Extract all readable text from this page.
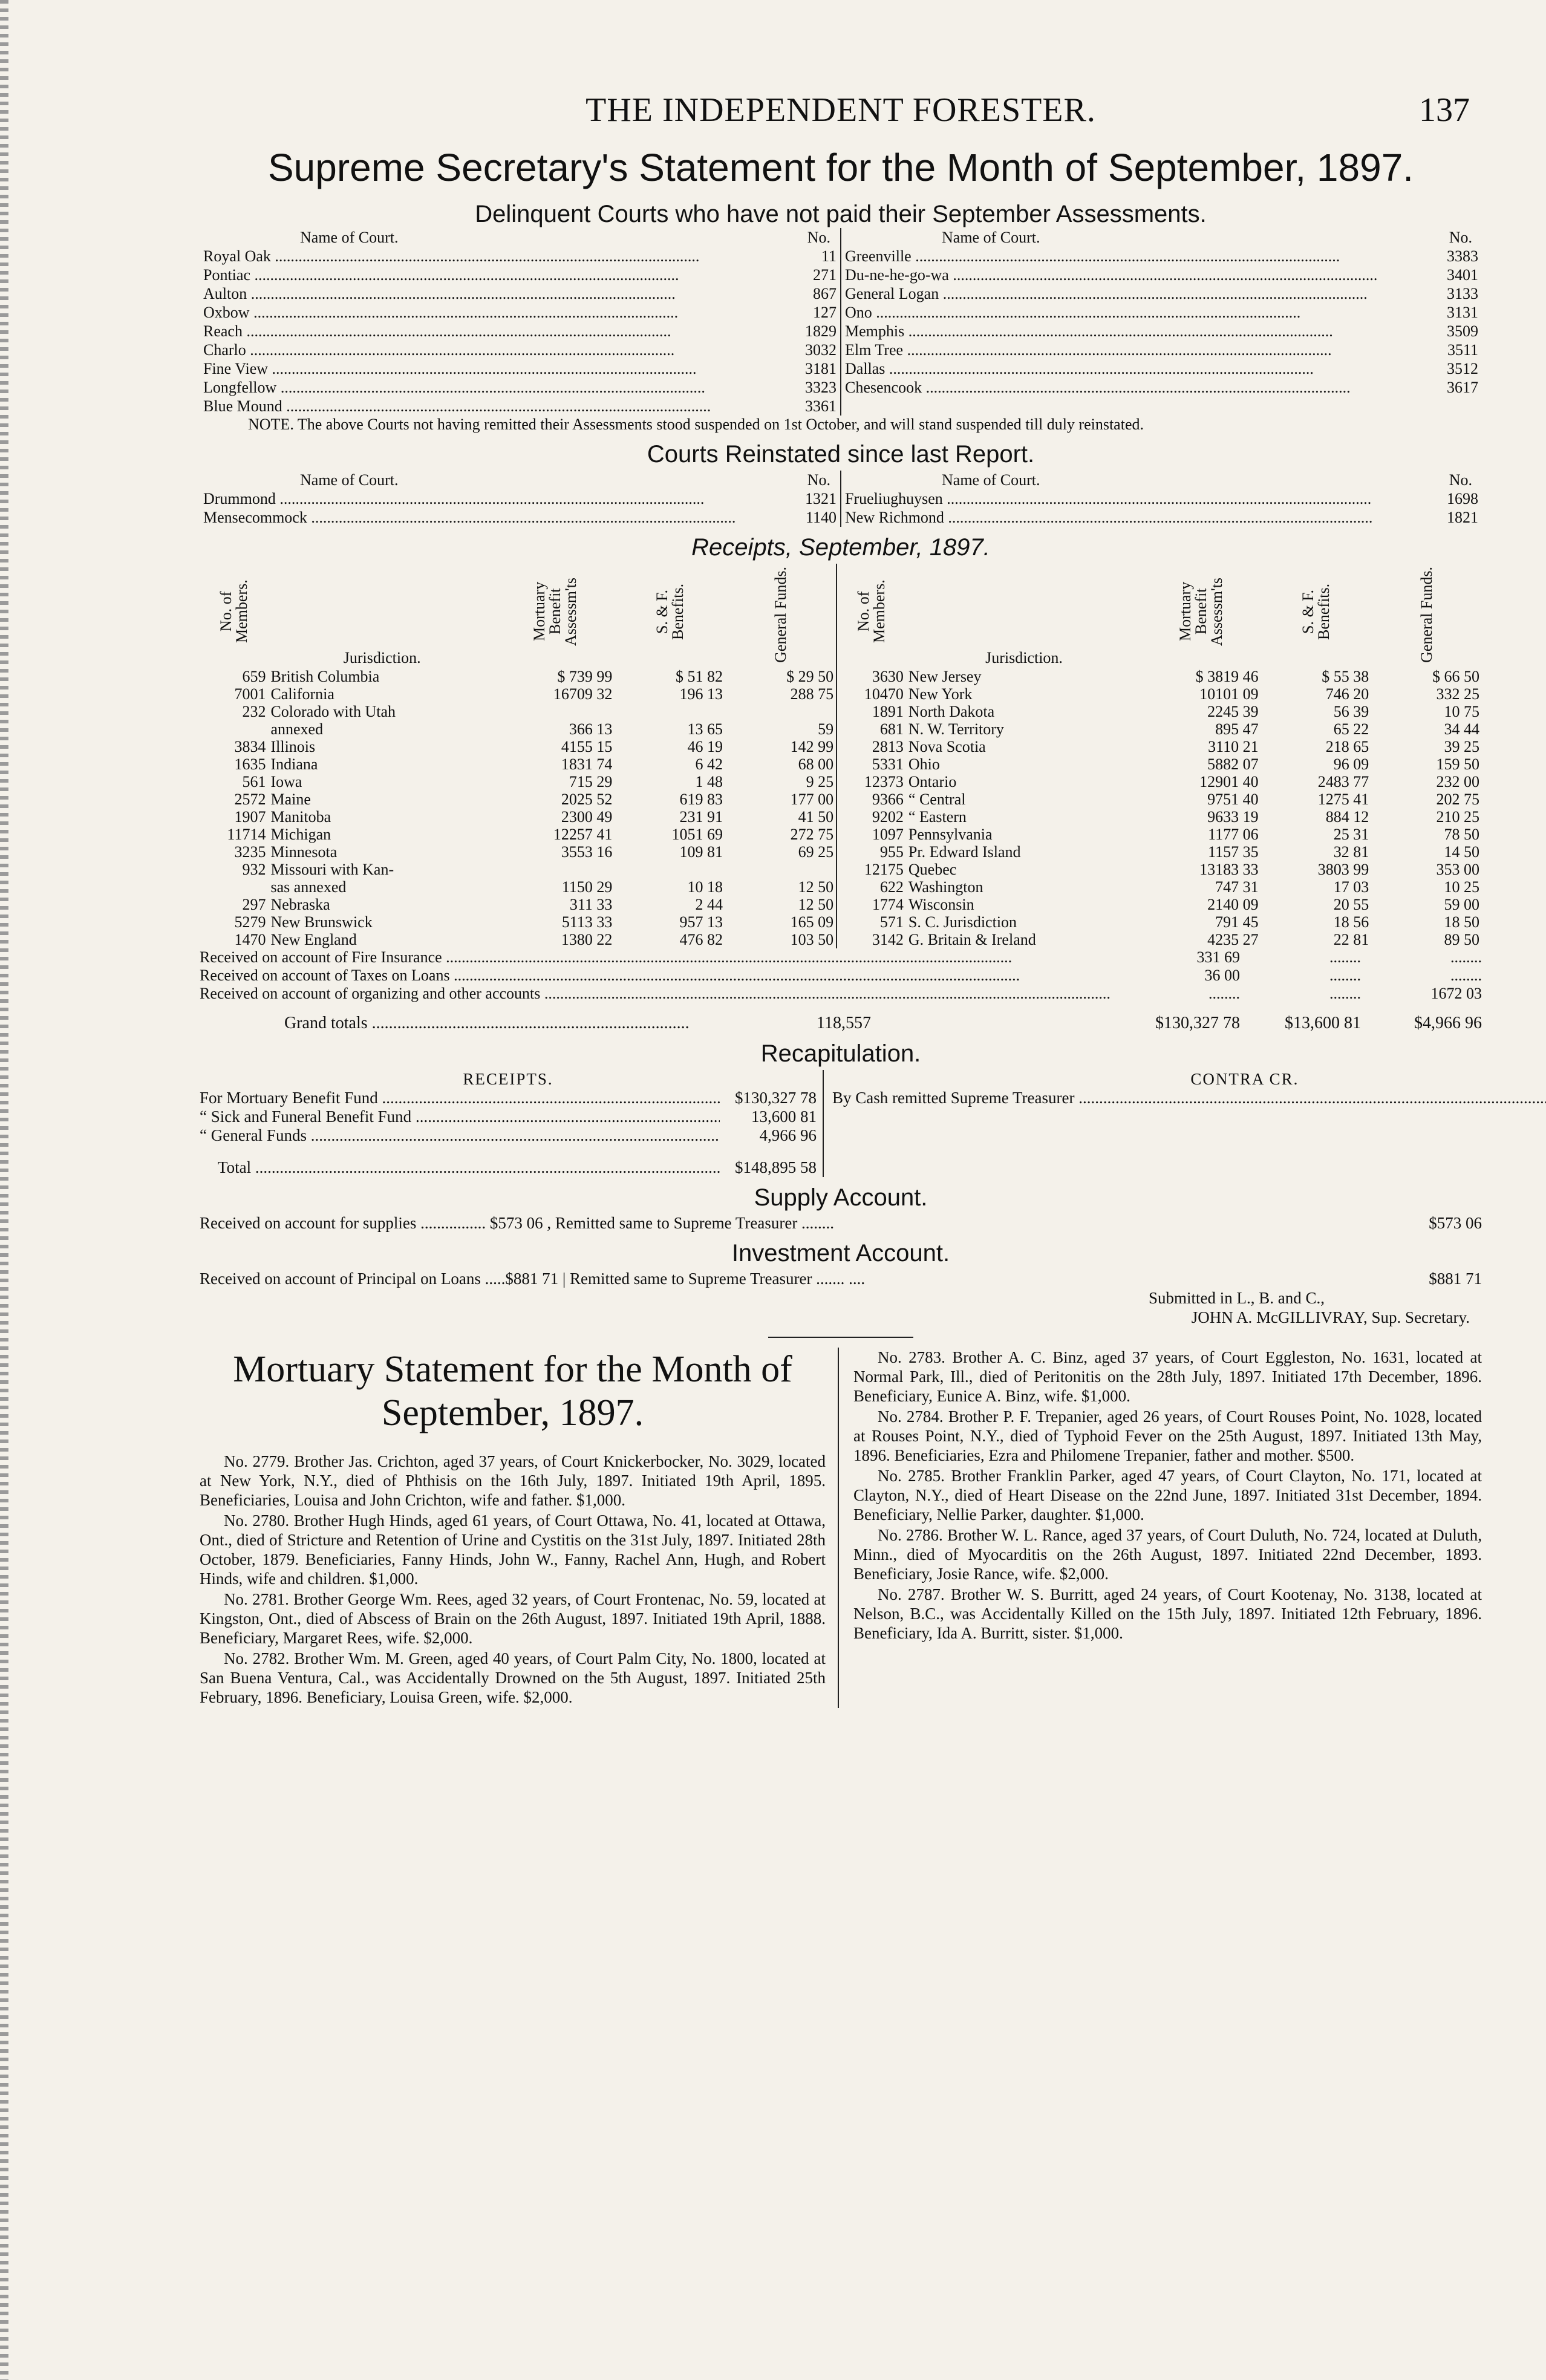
THE INDEPENDENT FORESTER.	137
Supreme Secretary's Statement for the Month of September, 1897.
Delinquent Courts who have not paid their September Assessments.
Name of Court.	No.
Royal Oak .....	11
Pontiac .....	271
Aulton .....	867
Oxbow .....	127
Reach .....	1829
Charlo .....	3032
Fine View .....	3181
Longfellow .....	3323
Blue Mound .....	3361
Name of Court.	No.
Greenville .....	3383
Du-ne-he-go-wa .....	3401
General Logan .....	3133
Ono .....	3131
Memphis .....	3509
Elm Tree .....	3511
Dallas .....	3512
Chesencook .....	3617
NOTE. The above Courts not having remitted their Assessments stood suspended on 1st October, and will stand suspended till duly reinstated.
Courts Reinstated since last Report.
Name of Court.	No.
Drummond .....	1321
Mensecommock .....	1140
Name of Court.	No.
Frueliughuysen .....	1698
New Richmond .....	1821
Receipts, September, 1897.
No. of Members.	Jurisdiction.	Mortuary Benefit Assessm'ts	S. & F. Benefits.	General Funds.	No. of Members.	Jurisdiction.	Mortuary Benefit Assessm'ts	S. & F. Benefits.	General Funds.
659	British Columbia	$ 739 99	$ 51 82	$ 29 50	3630	New Jersey	$ 3819 46	$ 55 38	$ 66 50
7001	California	16709 32	196 13	288 75	10470	New York	10101 09	746 20	332 25
232	Colorado with Utah				1891	North Dakota	2245 39	56 39	10 75
	annexed	366 13	13 65	59	681	N. W. Territory	895 47	65 22	34 44
3834	Illinois	4155 15	46 19	142 99	2813	Nova Scotia	3110 21	218 65	39 25
1635	Indiana	1831 74	6 42	68 00	5331	Ohio	5882 07	96 09	159 50
561	Iowa	715 29	1 48	9 25	12373	Ontario	12901 40	2483 77	232 00
2572	Maine	2025 52	619 83	177 00	9366	“ Central	9751 40	1275 41	202 75
1907	Manitoba	2300 49	231 91	41 50	9202	“ Eastern	9633 19	884 12	210 25
11714	Michigan	12257 41	1051 69	272 75	1097	Pennsylvania	1177 06	25 31	78 50
3235	Minnesota	3553 16	109 81	69 25	955	Pr. Edward Island	1157 35	32 81	14 50
932	Missouri with Kan-				12175	Quebec	13183 33	3803 99	353 00
	sas annexed	1150 29	10 18	12 50	622	Washington	747 31	17 03	10 25
297	Nebraska	311 33	2 44	12 50	1774	Wisconsin	2140 09	20 55	59 00
5279	New Brunswick	5113 33	957 13	165 09	571	S. C. Jurisdiction	791 45	18 56	18 50
1470	New England	1380 22	476 82	103 50	3142	G. Britain & Ireland	4235 27	22 81	89 50
Received on account of Fire Insurance .....	331 69	........	........
Received on account of Taxes on Loans .....	36 00	........	........
Received on account of organizing and other accounts .....	........	........	1672 03
Grand totals .....	118,557	$130,327 78	$13,600 81	$4,966 96
Recapitulation.
RECEIPTS.
For Mortuary Benefit Fund .....	$130,327 78
“ Sick and Funeral Benefit Fund .....	13,600 81
“ General Funds .....	4,966 96
Total .....	$148,895 58
CONTRA CR.
By Cash remitted Supreme Treasurer .....
Supply Account.
Received on account for supplies ................ $573 06 , Remitted same to Supreme Treasurer ........	$573 06
Investment Account.
Received on account of Principal on Loans .....$881 71 | Remitted same to Supreme Treasurer ....... ....	$881 71
Submitted in L., B. and C.,
JOHN A. McGILLIVRAY, Sup. Secretary.
Mortuary Statement for the Month of September, 1897.

No. 2779. Brother Jas. Crichton, aged 37 years, of Court Knickerbocker, No. 3029, located at New York, N.Y., died of Phthisis on the 16th July, 1897. Initiated 19th April, 1895. Beneficiaries, Louisa and John Crichton, wife and father. $1,000.

No. 2780. Brother Hugh Hinds, aged 61 years, of Court Ottawa, No. 41, located at Ottawa, Ont., died of Stricture and Retention of Urine and Cystitis on the 31st July, 1897. Initiated 28th October, 1879. Beneficiaries, Fanny Hinds, John W., Fanny, Rachel Ann, Hugh, and Robert Hinds, wife and children. $1,000.

No. 2781. Brother George Wm. Rees, aged 32 years, of Court Frontenac, No. 59, located at Kingston, Ont., died of Abscess of Brain on the 26th August, 1897. Initiated 19th April, 1888. Beneficiary, Margaret Rees, wife. $2,000.

No. 2782. Brother Wm. M. Green, aged 40 years, of Court Palm City, No. 1800, located at San Buena Ventura, Cal., was Accidentally Drowned on the 5th August, 1897. Initiated 25th February, 1896. Beneficiary, Louisa Green, wife. $2,000.

No. 2783. Brother A. C. Binz, aged 37 years, of Court Eggleston, No. 1631, located at Normal Park, Ill., died of Peritonitis on the 28th July, 1897. Initiated 17th December, 1896. Beneficiary, Eunice A. Binz, wife. $1,000.

No. 2784. Brother P. F. Trepanier, aged 26 years, of Court Rouses Point, No. 1028, located at Rouses Point, N.Y., died of Typhoid Fever on the 25th August, 1897. Initiated 13th May, 1896. Beneficiaries, Ezra and Philomene Trepanier, father and mother. $500.

No. 2785. Brother Franklin Parker, aged 47 years, of Court Clayton, No. 171, located at Clayton, N.Y., died of Heart Disease on the 22nd June, 1897. Initiated 31st December, 1894. Beneficiary, Nellie Parker, daughter. $1,000.

No. 2786. Brother W. L. Rance, aged 37 years, of Court Duluth, No. 724, located at Duluth, Minn., died of Myocarditis on the 26th August, 1897. Initiated 22nd December, 1893. Beneficiary, Josie Rance, wife. $2,000.

No. 2787. Brother W. S. Burritt, aged 24 years, of Court Kootenay, No. 3138, located at Nelson, B.C., was Accidentally Killed on the 15th July, 1897. Initiated 12th February, 1896. Beneficiary, Ida A. Burritt, sister. $1,000.
